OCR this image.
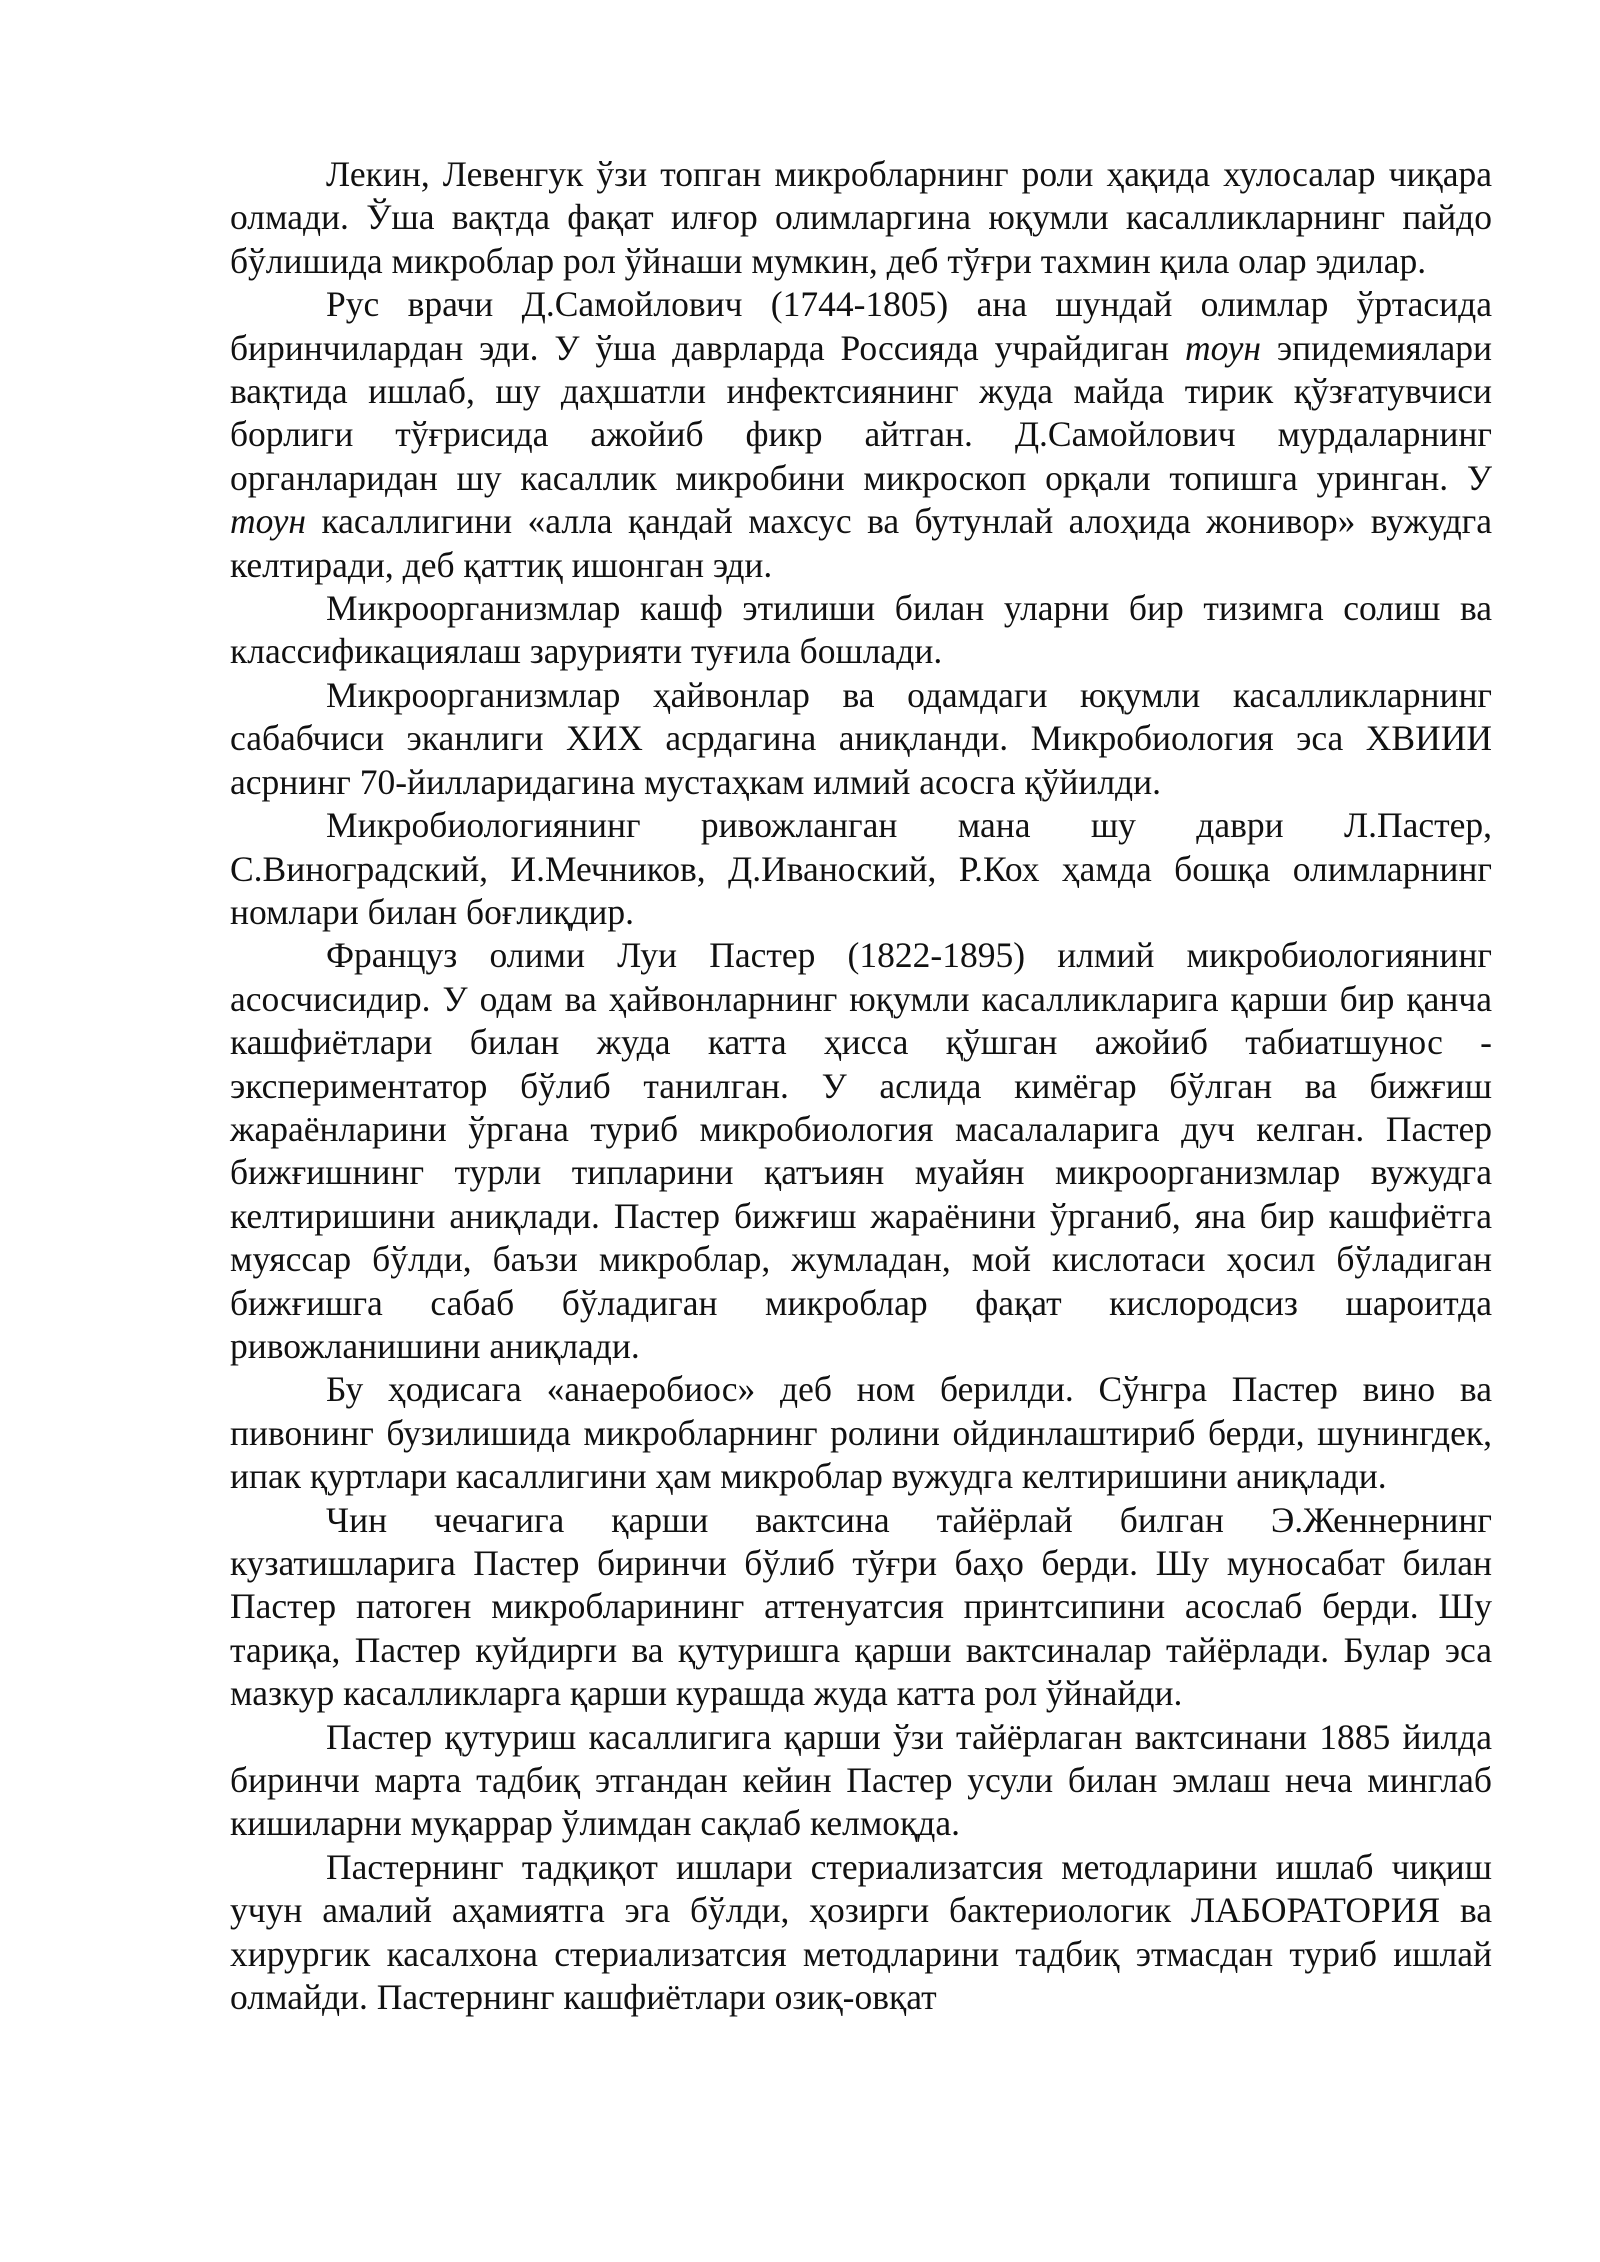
Лекин, Левенгук ўзи топган микробларнинг роли ҳақида хулосалар чиқара олмади. Ўша вақтда фақат илғор олимларгина юқумли касалликларнинг пайдо бўлишида микроблар рол ўйнаши мумкин, деб тўғри тахмин қила олар эдилар.

Рус врачи Д.Самойлович (1744-1805) ана шундай олимлар ўртасида биринчилардан эди. У ўша даврларда Россияда учрайдиган тоун эпидемиялари вақтида ишлаб, шу даҳшатли инфектсиянинг жуда майда тирик қўзғатувчиси борлиги тўғрисида ажойиб фикр айтган. Д.Самойлович мурдаларнинг органларидан шу касаллик микробини микроскоп орқали топишга уринган. У тоун касаллигини «алла қандай махсус ва бутунлай алоҳида жонивор» вужудга келтиради, деб қаттиқ ишонган эди.

Микроорганизмлар кашф этилиши билан уларни бир тизимга солиш ва классификациялаш зарурияти туғила бошлади.

Микроорганизмлар ҳайвонлар ва одамдаги юқумли касалликларнинг сабабчиси эканлиги ХИХ асрдагина аниқланди. Микробиология эса ХВИИИ асрнинг 70-йилларидагина мустаҳкам илмий асосга қўйилди.

Микробиологиянинг ривожланган мана шу даври Л.Пастер, С.Виноградский, И.Мечников, Д.Иваноский, Р.Кох ҳамда бошқа олимларнинг номлари билан боғлиқдир.

Француз олими Луи Пастер (1822-1895) илмий микробиологиянинг асосчисидир. У одам ва ҳайвонларнинг юқумли касалликларига қарши бир қанча кашфиётлари билан жуда катта ҳисса қўшган ажойиб табиатшунос - экспериментатор бўлиб танилган. У аслида кимёгар бўлган ва бижғиш жараёнларини ўргана туриб микробиология масалаларига дуч келган. Пастер бижғишнинг турли типларини қатъиян муайян микроорганизмлар вужудга келтиришини аниқлади. Пастер бижғиш жараёнини ўрганиб, яна бир кашфиётга муяссар бўлди, баъзи микроблар, жумладан, мой кислотаси ҳосил бўладиган бижғишга сабаб бўладиган микроблар фақат кислородсиз шароитда ривожланишини аниқлади.

Бу ҳодисага «анаеробиос» деб ном берилди. Сўнгра Пастер вино ва пивонинг бузилишида микробларнинг ролини ойдинлаштириб берди, шунингдек, ипак қуртлари касаллигини ҳам микроблар вужудга келтиришини аниқлади.

Чин чечагига қарши вактсина тайёрлай билган Э.Женнернинг кузатишларига Пастер биринчи бўлиб тўғри баҳо берди. Шу муносабат билан Пастер патоген микробларининг аттенуатсия принтсипини асослаб берди. Шу тариқа, Пастер куйдирги ва қутуришга қарши вактсиналар тайёрлади. Булар эса мазкур касалликларга қарши курашда жуда катта рол ўйнайди.

Пастер қутуриш касаллигига қарши ўзи тайёрлаган вактсинани 1885 йилда биринчи марта тадбиқ этгандан кейин Пастер усули билан эмлаш неча минглаб кишиларни муқаррар ўлимдан сақлаб келмоқда.

Пастернинг тадқиқот ишлари стериализатсия методларини ишлаб чиқиш учун амалий аҳамиятга эга бўлди, ҳозирги бактериологик ЛАБОРАТОРИЯ ва хирургик касалхона стериализатсия методларини тадбиқ этмасдан туриб ишлай олмайди. Пастернинг кашфиётлари озиқ-овқат
